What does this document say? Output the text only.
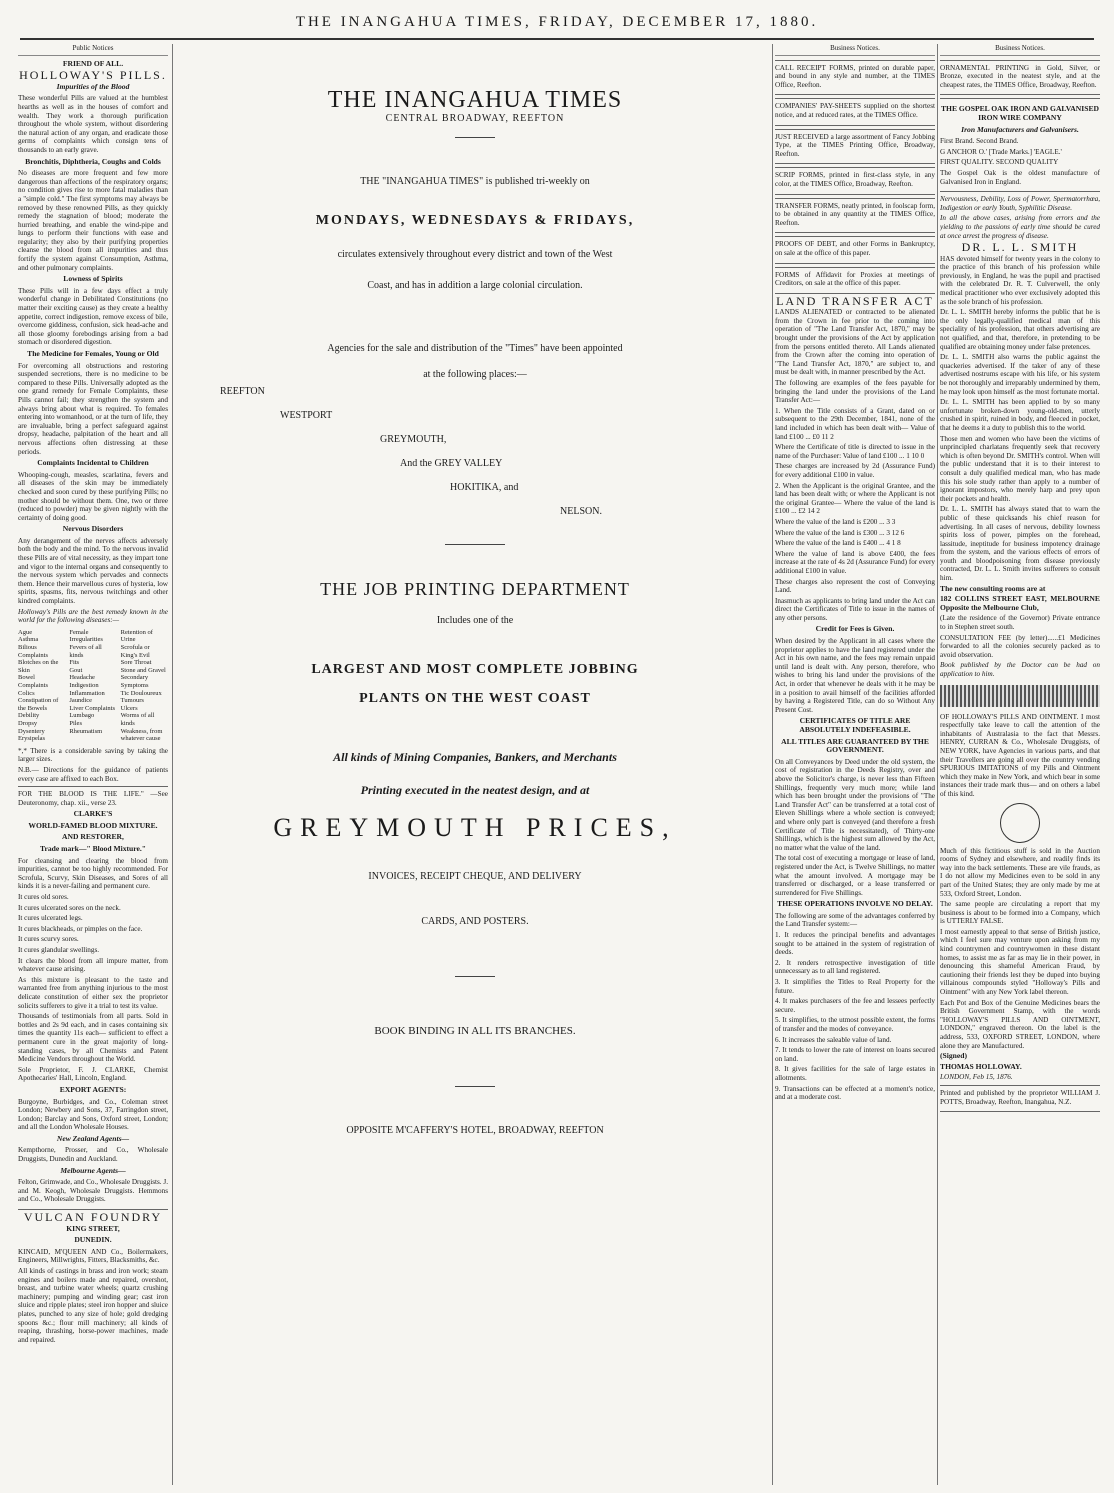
THE INANGAHUA TIMES, FRIDAY, DECEMBER 17, 1880.
Public Notices
FRIEND OF ALL.
HOLLOWAY'S PILLS.
Impurities of the Blood

These wonderful Pills are valued at the humblest hearths as well as in the houses of comfort and wealth. They work a thorough purification throughout the whole system, without disordering the natural action of any organ, and eradicate those germs of complaints which consign tens of thousands to an early grave.

Bronchitis, Diphtheria, Coughs and Colds

No diseases are more frequent and few more dangerous than affections of the respiratory organs; no condition gives rise to more fatal maladies than a "simple cold." The first symptoms may always be removed by these renowned Pills, as they quickly remedy the stagnation of blood; moderate the hurried breathing, and enable the wind-pipe and lungs to perform their functions with ease and regularity; they also by their purifying properties cleanse the blood from all impurities and thus fortify the system against Consumption, Asthma, and other pulmonary complaints.

Lowness of Spirits

These Pills will in a few days effect a truly wonderful change in Debilitated Constitutions (no matter their exciting cause) as they create a healthy appetite, correct indigestion, remove excess of bile, overcome giddiness, confusion, sick head-ache and all those gloomy forebodings arising from a bad stomach or disordered digestion.

The Medicine for Females, Young or Old

For overcoming all obstructions and restoring suspended secretions, there is no medicine to be compared to these Pills. Universally adopted as the one grand remedy for Female Complaints, these Pills cannot fail; they strengthen the system and always bring about what is required. To females entering into womanhood, or at the turn of life, they are invaluable, bring a perfect safeguard against dropsy, headache, palpitation of the heart and all nervous affections often distressing at these periods.

Complaints Incidental to Children

Whooping-cough, measles, scarlatina, fevers and all diseases of the skin may be immediately checked and soon cured by these purifying Pills; no mother should be without them. One, two or three (reduced to powder) may be given nightly with the certainty of doing good.

Nervous Disorders

Any derangement of the nerves affects adversely both the body and the mind. To the nervous invalid these Pills are of vital necessity, as they impart tone and vigor to the internal organs and consequently to the nervous system which pervades and connects them. Hence their marvellous cures of hysteria, low spirits, spasms, fits, nervous twitchings and other kindred complaints.

Holloway's Pills are the best remedy known in the world for the following diseases:—

Ague
Asthma
Bilious Complaints
Blotches on the Skin
Bowel Complaints
Colics
Constipation of the Bowels
Debility
Dropsy
Dysentery
Erysipelas
Female Irregularities
Fevers of all kinds
Fits
Gout
Headache
Indigestion
Inflammation
Jaundice
Liver Complaints
Lumbago
Piles
Rheumatism
Retention of Urine
Scrofula or King's Evil
Sore Throat
Stone and Gravel
Secondary Symptoms
Tic Douloureux
Tumours
Ulcers
Worms of all kinds
Weakness, from whatever cause

*,* There is a considerable saving by taking the larger sizes.

N.B.— Directions for the guidance of patients every case are affixed to each Box.

FOR THE BLOOD IS THE LIFE." —See Deuteronomy, chap. xii., verse 23.

CLARKE'S
WORLD-FAMED BLOOD MIXTURE.
AND RESTORER,
Trade mark—" Blood Mixture."

For cleansing and clearing the blood from impurities, cannot be too highly recommended. For Scrofula, Scurvy, Skin Diseases, and Sores of all kinds it is a never-failing and permanent cure.

It cures old sores.

It cures ulcerated sores on the neck.

It cures ulcerated legs.

It cures blackheads, or pimples on the face.

It cures scurvy sores.

It cures glandular swellings.

It clears the blood from all impure matter, from whatever cause arising.

As this mixture is pleasant to the taste and warranted free from anything injurious to the most delicate constitution of either sex the proprietor solicits sufferers to give it a trial to test its value.

Thousands of testimonials from all parts. Sold in bottles and 2s 9d each, and in cases containing six times the quantity 11s each— sufficient to effect a permanent cure in the great majority of long-standing cases, by all Chemists and Patent Medicine Vendors throughout the World.

Sole Proprietor, F. J. CLARKE, Chemist Apothecaries' Hall, Lincoln, England.

EXPORT AGENTS:

Burgoyne, Burbidges, and Co., Coleman street London; Newbery and Sons, 37, Farringdon street, London; Barclay and Sons, Oxford street, London; and all the London Wholesale Houses.

New Zealand Agents—

Kempthorne, Prosser, and Co., Wholesale Druggists, Dunedin and Auckland.

Melbourne Agents—

Felton, Grimwade, and Co., Wholesale Druggists. J. and M. Keogh, Wholesale Druggists. Hemmons and Co., Wholesale Druggists.

VULCAN FOUNDRY
KING STREET,
DUNEDIN.

KINCAID, M'QUEEN AND Co., Boilermakers, Engineers, Millwrights, Fitters, Blacksmiths, &c.

All kinds of castings in brass and iron work; steam engines and boilers made and repaired, overshot, breast, and turbine water wheels; quartz crushing machinery; pumping and winding gear; cast iron sluice and ripple plates; steel iron hopper and sluice plates, punched to any size of hole; gold dredging spoons &c.; flour mill machinery; all kinds of reaping, thrashing, horse-power machines, made and repaired.

THE INANGAHUA TIMES
CENTRAL BROADWAY, REEFTON
THE "INANGAHUA TIMES" is published tri-weekly on
MONDAYS, WEDNESDAYS & FRIDAYS,
circulates extensively throughout every district and town of the West
Coast, and has in addition a large colonial circulation.
Agencies for the sale and distribution of the "Times" have been appointed
at the following places:—
REEFTON
WESTPORT
GREYMOUTH,
And the GREY VALLEY
HOKITIKA, and
NELSON.
THE JOB PRINTING DEPARTMENT
Includes one of the
LARGEST AND MOST COMPLETE JOBBING
PLANTS ON THE WEST COAST
All kinds of Mining Companies, Bankers, and Merchants
Printing executed in the neatest design, and at
GREYMOUTH PRICES,
INVOICES, RECEIPT CHEQUE, AND DELIVERY
CARDS, AND POSTERS.
BOOK BINDING IN ALL ITS BRANCHES.
OPPOSITE M'CAFFERY'S HOTEL, BROADWAY, REEFTON
Business Notices.

CALL RECEIPT FORMS, printed on durable paper, and bound in any style and number, at the TIMES Office, Reefton.

COMPANIES' PAY-SHEETS supplied on the shortest notice, and at reduced rates, at the TIMES Office.

JUST RECEIVED a large assortment of Fancy Jobbing Type, at the TIMES Printing Office, Broadway, Reefton.

SCRIP FORMS, printed in first-class style, in any color, at the TIMES Office, Broadway, Reefton.

TRANSFER FORMS, neatly printed, in foolscap form, to be obtained in any quantity at the TIMES Office, Reefton.

PROOFS OF DEBT, and other Forms in Bankruptcy, on sale at the office of this paper.

FORMS of Affidavit for Proxies at meetings of Creditors, on sale at the office of this paper.

LAND TRANSFER ACT

LANDS ALIENATED or contracted to be alienated from the Crown in fee prior to the coming into operation of "The Land Transfer Act, 1870," may be brought under the provisions of the Act by application from the persons entitled thereto. All Lands alienated from the Crown after the coming into operation of "The Land Transfer Act, 1870," are subject to, and must be dealt with, in manner prescribed by the Act.

The following are examples of the fees payable for bringing the land under the provisions of the Land Transfer Act:—

1. When the Title consists of a Grant, dated on or subsequent to the 29th December, 1841, none of the land included in which has been dealt with— Value of land £100 ... £0 11 2

Where the Certificate of title is directed to issue in the name of the Purchaser: Value of land £100 ... 1 10 0

These charges are increased by 2d (Assurance Fund) for every additional £100 in value.

2. When the Applicant is the original Grantee, and the land has been dealt with; or where the Applicant is not the original Grantee— Where the value of the land is £100 ... £2 14 2

Where the value of the land is £200 ... 3 3

Where the value of the land is £300 ... 3 12 6

Where the value of the land is £400 ... 4 1 8

Where the value of land is above £400, the fees increase at the rate of 4s 2d (Assurance Fund) for every additional £100 in value.

These charges also represent the cost of Conveying Land.

Inasmuch as applicants to bring land under the Act can direct the Certificates of Title to issue in the names of any other persons.

Credit for Fees is Given.

When desired by the Applicant in all cases where the proprietor applies to have the land registered under the Act in his own name, and the fees may remain unpaid until land is dealt with. Any person, therefore, who wishes to bring his land under the provisions of the Act, in order that whenever he deals with it he may be in a position to avail himself of the facilities afforded by having a Registered Title, can do so Without Any Present Cost.

CERTIFICATES OF TITLE ARE ABSOLUTELY INDEFEASIBLE.
ALL TITLES ARE GUARANTEED BY THE GOVERNMENT.

On all Conveyances by Deed under the old system, the cost of registration in the Deeds Registry, over and above the Solicitor's charge, is never less than Fifteen Shillings, frequently very much more; while land which has been brought under the provisions of "The Land Transfer Act" can be transferred at a total cost of Eleven Shillings where a whole section is conveyed; and where only part is conveyed (and therefore a fresh Certificate of Title is necessitated), of Thirty-one Shillings, which is the highest sum allowed by the Act, no matter what the value of the land.

The total cost of executing a mortgage or lease of land, registered under the Act, is Twelve Shillings, no matter what the amount involved. A mortgage may be transferred or discharged, or a lease transferred or surrendered for Five Shillings.

THESE OPERATIONS INVOLVE NO DELAY.

The following are some of the advantages conferred by the Land Transfer system:—

1. It reduces the principal benefits and advantages sought to be attained in the system of registration of deeds.

2. It renders retrospective investigation of title unnecessary as to all land registered.

3. It simplifies the Titles to Real Property for the future.

4. It makes purchasers of the fee and lessees perfectly secure.

5. It simplifies, to the utmost possible extent, the forms of transfer and the modes of conveyance.

6. It increases the saleable value of land.

7. It tends to lower the rate of interest on loans secured on land.

8. It gives facilities for the sale of large estates in allotments.

9. Transactions can be effected at a moment's notice, and at a moderate cost.

Business Notices.

ORNAMENTAL PRINTING in Gold, Silver, or Bronze, executed in the neatest style, and at the cheapest rates, the TIMES Office, Broadway, Reefton.

THE GOSPEL OAK IRON AND GALVANISED IRON WIRE COMPANY
Iron Manufacturers and Galvanisers.

First Brand. Second Brand.

G ANCHOR O.' [Trade Marks.] 'EAGLE.'

FIRST QUALITY. SECOND QUALITY

The Gospel Oak is the oldest manufacture of Galvanised Iron in England.

Nervousness, Debility, Loss of Power, Spermatorrhœa, Indigestion or early Youth, Syphilitic Disease.

In all the above cases, arising from errors and the yielding to the passions of early time should be cured at once arrest the progress of disease.

DR. L. L. SMITH

HAS devoted himself for twenty years in the colony to the practice of this branch of his profession while previously, in England, he was the pupil and practised with the celebrated Dr. R. T. Culverwell, the only medical practitioner who ever exclusively adopted this as the sole branch of his profession.

Dr. L. L. SMITH hereby informs the public that he is the only legally-qualified medical man of this speciality of his profession, that others advertising are not qualified, and that, therefore, in pretending to be qualified are obtaining money under false pretences.

Dr. L. L. SMITH also warns the public against the quackeries advertised. If the taker of any of these advertised nostrums escape with his life, or his system be not thoroughly and irreparably undermined by them, he may look upon himself as the most fortunate mortal.

Dr. L. L. SMITH has been applied to by so many unfortunate broken-down young-old-men, utterly crushed in spirit, ruined in body, and fleeced in pocket, that he deems it a duty to publish this to the world.

Those men and women who have been the victims of unprincipled charlatans frequently seek that recovery which is often beyond Dr. SMITH's control. When will the public understand that it is to their interest to consult a duly qualified medical man, who has made this his sole study rather than apply to a number of ignorant impostors, who merely harp and prey upon their pockets and health.

Dr. L. L. SMITH has always stated that to warn the public of these quicksands his chief reason for advertising. In all cases of nervous, debility lowness spirits loss of power, pimples on the forehead, lassitude, ineptitude for business impotency drainage from the system, and the various effects of errors of youth and bloodpoisoning from disease previously contracted, Dr. L. L. Smith invites sufferers to consult him.

The new consulting rooms are at

182 COLLINS STREET EAST, MELBOURNE Opposite the Melbourne Club,

(Late the residence of the Governor) Private entrance to in Stephen street south.

CONSULTATION FEE (by letter)......£1 Medicines forwarded to all the colonies securely packed as to avoid observation.

Book published by the Doctor can be had on application to him.

OF HOLLOWAY'S PILLS AND OINTMENT. I most respectfully take leave to call the attention of the inhabitants of Australasia to the fact that Messrs. HENRY, CURRAN & Co., Wholesale Druggists, of NEW YORK, have Agencies in various parts, and that their Travellers are going all over the country vending SPURIOUS IMITATIONS of my Pills and Ointment which they make in New York, and which bear in some instances their trade mark thus— and on others a label of this kind.

Much of this fictitious stuff is sold in the Auction rooms of Sydney and elsewhere, and readily finds its way into the back settlements. These are vile frauds, as I do not allow my Medicines even to be sold in any part of the United States; they are only made by me at 533, Oxford Street, London.

The same people are circulating a report that my business is about to be formed into a Company, which is UTTERLY FALSE.

I most earnestly appeal to that sense of British justice, which I feel sure may venture upon asking from my kind countrymen and countrywomen in these distant homes, to assist me as far as may lie in their power, in denouncing this shameful American Fraud, by cautioning their friends lest they be duped into buying villainous compounds styled "Holloway's Pills and Ointment" with any New York label thereon.

Each Pot and Box of the Genuine Medicines bears the British Government Stamp, with the words "HOLLOWAY'S PILLS AND OINTMENT, LONDON," engraved thereon. On the label is the address, 533, OXFORD STREET, LONDON, where alone they are Manufactured.

(Signed)

THOMAS HOLLOWAY.

LONDON, Feb 15, 1876.

Printed and published by the proprietor WILLIAM J. POTTS, Broadway, Reefton, Inangahua, N.Z.
